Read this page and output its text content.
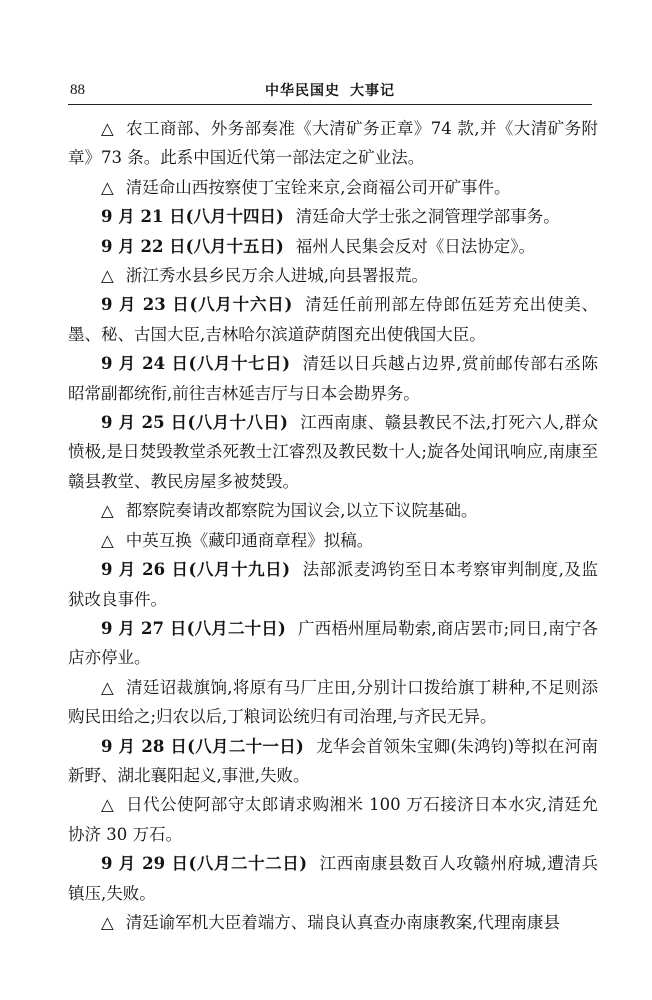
88	中华民国史 大事记

△ 农工商部、外务部奏准《大清矿务正章》74 款,并《大清矿务附章》73 条。此系中国近代第一部法定之矿业法。

△ 清廷命山西按察使丁宝铨来京,会商福公司开矿事件。

9 月 21 日(八月十四日) 清廷命大学士张之洞管理学部事务。

9 月 22 日(八月十五日) 福州人民集会反对《日法协定》。

△ 浙江秀水县乡民万余人进城,向县署报荒。

9 月 23 日(八月十六日) 清廷任前刑部左侍郎伍廷芳充出使美、墨、秘、古国大臣,吉林哈尔滨道萨荫图充出使俄国大臣。

9 月 24 日(八月十七日) 清廷以日兵越占边界,赏前邮传部右丞陈昭常副都统衔,前往吉林延吉厅与日本会勘界务。

9 月 25 日(八月十八日) 江西南康、赣县教民不法,打死六人,群众愤极,是日焚毁教堂杀死教士江睿烈及教民数十人;旋各处闻讯响应,南康至赣县教堂、教民房屋多被焚毁。

△ 都察院奏请改都察院为国议会,以立下议院基础。

△ 中英互换《藏印通商章程》拟稿。

9 月 26 日(八月十九日) 法部派麦鸿钧至日本考察审判制度,及监狱改良事件。

9 月 27 日(八月二十日) 广西梧州厘局勒索,商店罢市;同日,南宁各店亦停业。

△ 清廷诏裁旗饷,将原有马厂庄田,分别计口拨给旗丁耕种,不足则添购民田给之;归农以后,丁粮词讼统归有司治理,与齐民无异。

9 月 28 日(八月二十一日) 龙华会首领朱宝卿(朱鸿钧)等拟在河南新野、湖北襄阳起义,事泄,失败。

△ 日代公使阿部守太郎请求购湘米 100 万石接济日本水灾,清廷允协济 30 万石。

9 月 29 日(八月二十二日) 江西南康县数百人攻赣州府城,遭清兵镇压,失败。

△ 清廷谕军机大臣着端方、瑞良认真查办南康教案,代理南康县
